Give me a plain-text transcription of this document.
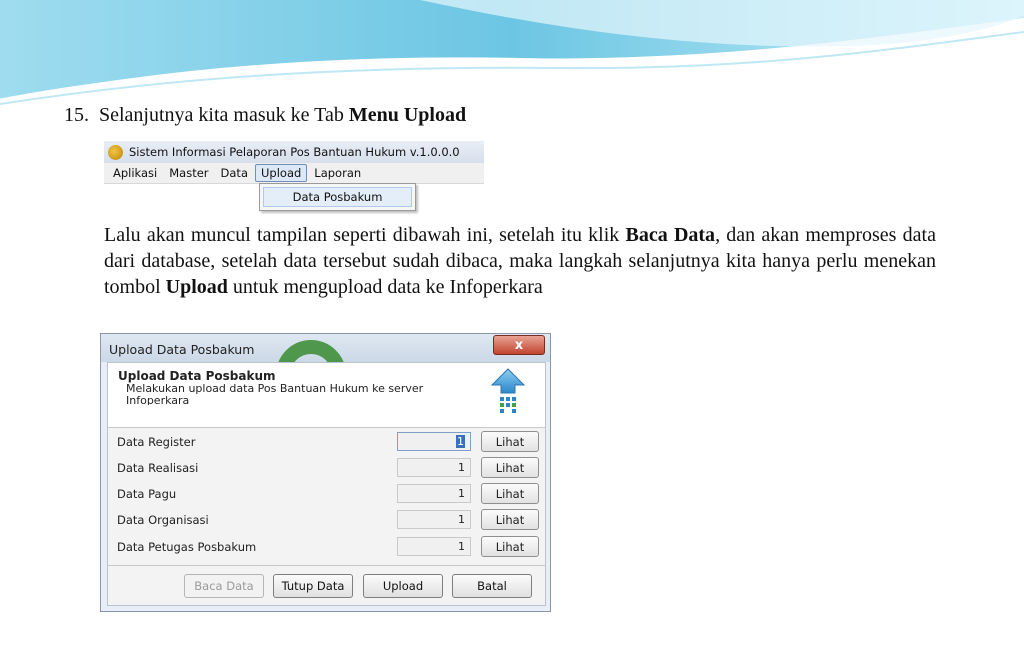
15. Selanjutnya kita masuk ke Tab Menu Upload
Sistem Informasi Pelaporan Pos Bantuan Hukum v.1.0.0.0
Aplikasi	Master	Data	Upload	Laporan
Data Posbakum
Lalu akan muncul tampilan seperti dibawah ini, setelah itu klik Baca Data, dan akan memproses data dari database, setelah data tersebut sudah dibaca, maka langkah selanjutnya kita hanya perlu menekan tombol Upload untuk mengupload data ke Infoperkara
Upload Data Posbakum	x
Upload Data Posbakum
Melakukan upload data Pos Bantuan Hukum ke server Infoperkara
Data Register	1	Lihat
Data Realisasi	1	Lihat
Data Pagu	1	Lihat
Data Organisasi	1	Lihat
Data Petugas Posbakum	1	Lihat
Baca Data	Tutup Data	Upload	Batal
